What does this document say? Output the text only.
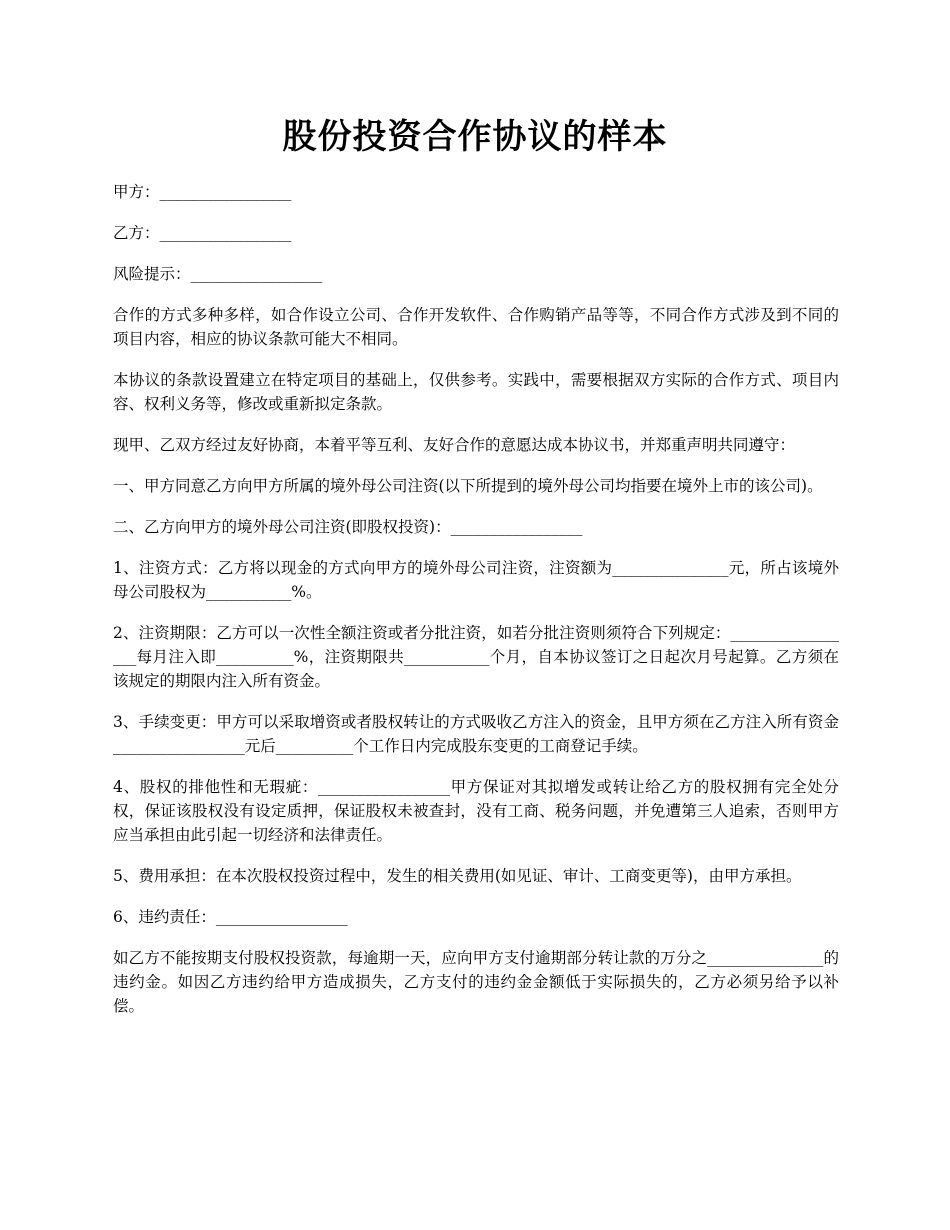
股份投资合作协议的样本

甲方：_________________

乙方：_________________

风险提示：_________________

合作的方式多种多样，如合作设立公司、合作开发软件、合作购销产品等等，不同合作方式涉及到不同的项目内容，相应的协议条款可能大不相同。

本协议的条款设置建立在特定项目的基础上，仅供参考。实践中，需要根据双方实际的合作方式、项目内容、权利义务等，修改或重新拟定条款。

现甲、乙双方经过友好协商，本着平等互利、友好合作的意愿达成本协议书，并郑重声明共同遵守：

一、甲方同意乙方向甲方所属的境外母公司注资(以下所提到的境外母公司均指要在境外上市的该公司)。

二、乙方向甲方的境外母公司注资(即股权投资)：_________________

1、注资方式：乙方将以现金的方式向甲方的境外母公司注资，注资额为_______________元，所占该境外母公司股权为___________%。

2、注资期限：乙方可以一次性全额注资或者分批注资，如若分批注资则须符合下列规定：_________________每月注入即__________%，注资期限共___________个月，自本协议签订之日起次月号起算。乙方须在该规定的期限内注入所有资金。

3、手续变更：甲方可以采取增资或者股权转让的方式吸收乙方注入的资金，且甲方须在乙方注入所有资金_________________元后__________个工作日内完成股东变更的工商登记手续。

4、股权的排他性和无瑕疵：_________________甲方保证对其拟增发或转让给乙方的股权拥有完全处分权，保证该股权没有设定质押，保证股权未被查封，没有工商、税务问题，并免遭第三人追索，否则甲方应当承担由此引起一切经济和法律责任。

5、费用承担：在本次股权投资过程中，发生的相关费用(如见证、审计、工商变更等)，由甲方承担。

6、违约责任：_________________

如乙方不能按期支付股权投资款，每逾期一天，应向甲方支付逾期部分转让款的万分之_______________的违约金。如因乙方违约给甲方造成损失，乙方支付的违约金金额低于实际损失的，乙方必须另给予以补偿。
